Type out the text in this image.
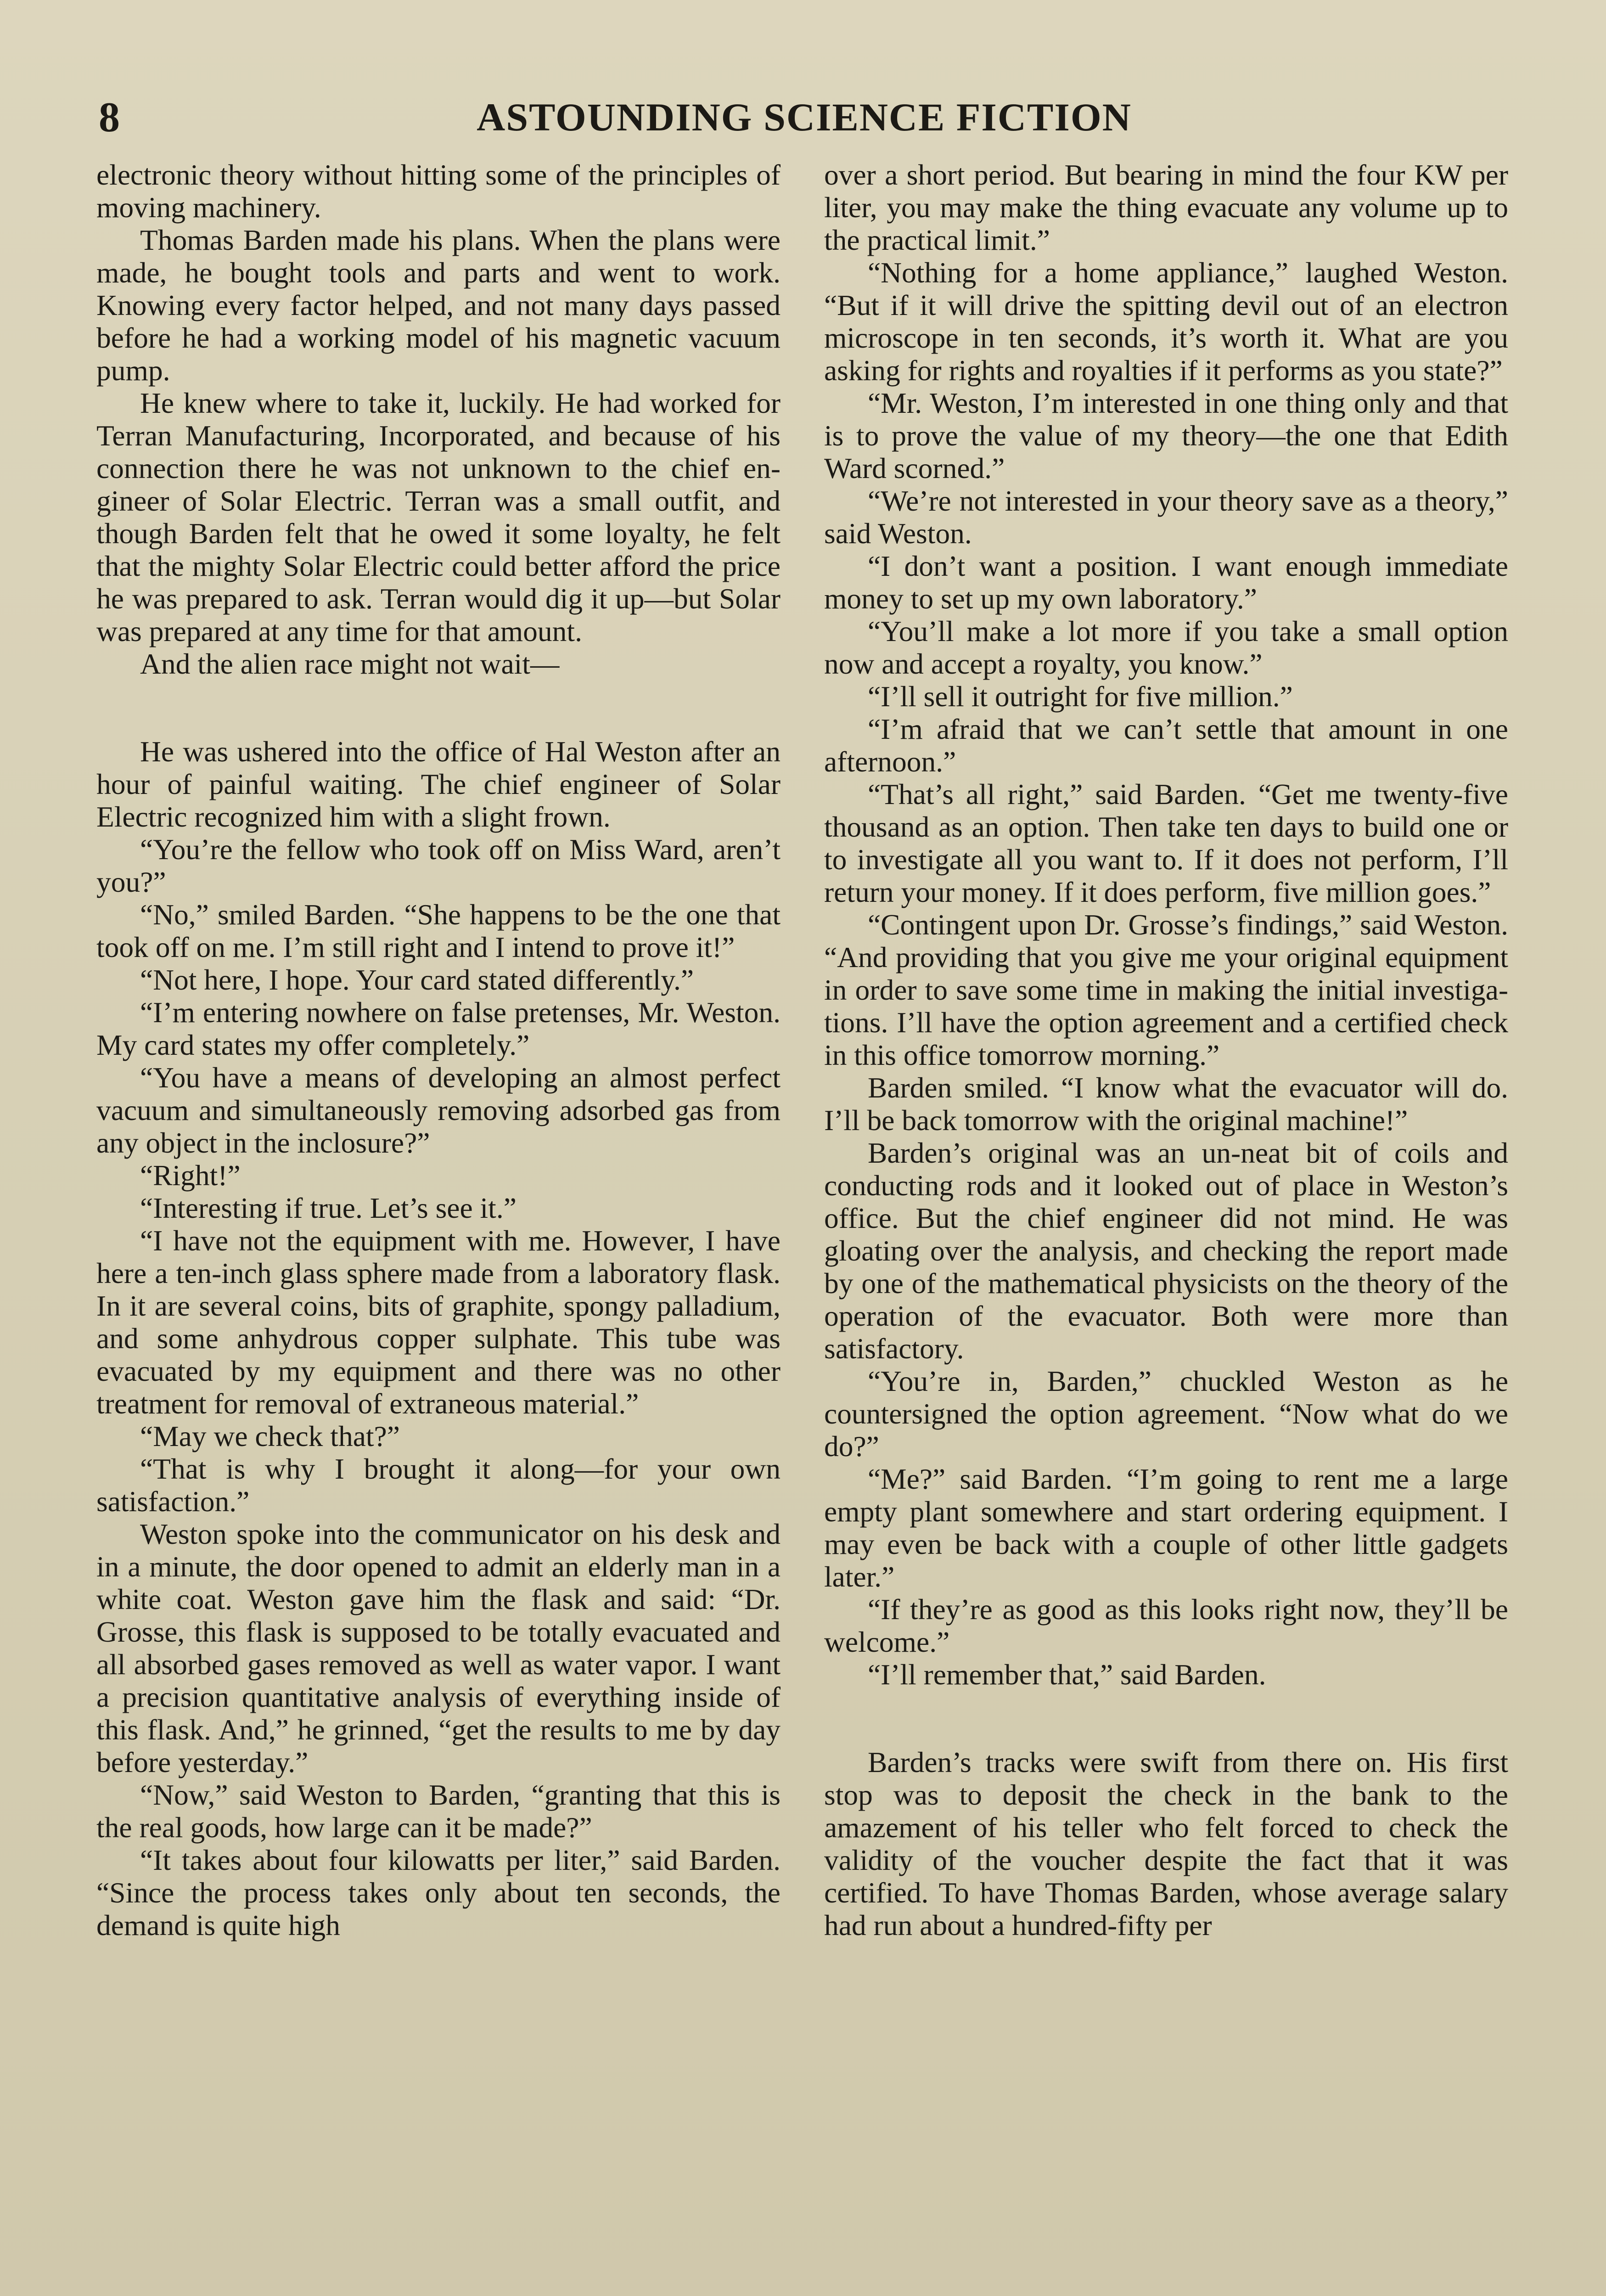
8	ASTOUNDING SCIENCE FICTION

electronic theory without hitting some of the principles of moving machinery.

Thomas Barden made his plans. When the plans were made, he bought tools and parts and went to work. Knowing every factor helped, and not many days passed before he had a working model of his magnetic vacuum pump.

He knew where to take it, luckily. He had worked for Terran Manufacturing, Incorporated, and because of his connection there he was not unknown to the chief engineer of Solar Electric. Terran was a small outfit, and though Barden felt that he owed it some loyalty, he felt that the mighty Solar Electric could better afford the price he was prepared to ask. Terran would dig it up—but Solar was prepared at any time for that amount.

And the alien race might not wait—

He was ushered into the office of Hal Weston after an hour of painful waiting. The chief engineer of Solar Electric recognized him with a slight frown.

“You’re the fellow who took off on Miss Ward, aren’t you?”

“No,” smiled Barden. “She happens to be the one that took off on me. I’m still right and I intend to prove it!”

“Not here, I hope. Your card stated differently.”

“I’m entering nowhere on false pretenses, Mr. Weston. My card states my offer completely.”

“You have a means of developing an almost perfect vacuum and simultaneously removing adsorbed gas from any object in the inclosure?”

“Right!”

“Interesting if true. Let’s see it.”

“I have not the equipment with me. However, I have here a ten-inch glass sphere made from a laboratory flask. In it are several coins, bits of graphite, spongy palladium, and some anhydrous copper sulphate. This tube was evacuated by my equipment and there was no other treatment for removal of extraneous material.”

“May we check that?”

“That is why I brought it along—for your own satisfaction.”

Weston spoke into the communicator on his desk and in a minute, the door opened to admit an elderly man in a white coat. Weston gave him the flask and said: “Dr. Grosse, this flask is supposed to be totally evacuated and all absorbed gases removed as well as water vapor. I want a precision quantitative analysis of everything inside of this flask. And,” he grinned, “get the results to me by day before yesterday.”

“Now,” said Weston to Barden, “granting that this is the real goods, how large can it be made?”

“It takes about four kilowatts per liter,” said Barden. “Since the process takes only about ten seconds, the demand is quite high

over a short period. But bearing in mind the four KW per liter, you may make the thing evacuate any volume up to the practical limit.”

“Nothing for a home appliance,” laughed Weston. “But if it will drive the spitting devil out of an electron microscope in ten seconds, it’s worth it. What are you asking for rights and royalties if it performs as you state?”

“Mr. Weston, I’m interested in one thing only and that is to prove the value of my theory—the one that Edith Ward scorned.”

“We’re not interested in your theory save as a theory,” said Weston.

“I don’t want a position. I want enough immediate money to set up my own laboratory.”

“You’ll make a lot more if you take a small option now and accept a royalty, you know.”

“I’ll sell it outright for five million.”

“I’m afraid that we can’t settle that amount in one afternoon.”

“That’s all right,” said Barden. “Get me twenty-five thousand as an option. Then take ten days to build one or to investigate all you want to. If it does not perform, I’ll return your money. If it does perform, five million goes.”

“Contingent upon Dr. Grosse’s findings,” said Weston. “And providing that you give me your original equipment in order to save some time in making the initial investigations. I’ll have the option agreement and a certified check in this office tomorrow morning.”

Barden smiled. “I know what the evacuator will do. I’ll be back tomorrow with the original machine!”

Barden’s original was an un-neat bit of coils and conducting rods and it looked out of place in Weston’s office. But the chief engineer did not mind. He was gloating over the analysis, and checking the report made by one of the mathematical physicists on the theory of the operation of the evacuator. Both were more than satisfactory.

“You’re in, Barden,” chuckled Weston as he countersigned the option agreement. “Now what do we do?”

“Me?” said Barden. “I’m going to rent me a large empty plant somewhere and start ordering equipment. I may even be back with a couple of other little gadgets later.”

“If they’re as good as this looks right now, they’ll be welcome.”

“I’ll remember that,” said Barden.

Barden’s tracks were swift from there on. His first stop was to deposit the check in the bank to the amazement of his teller who felt forced to check the validity of the voucher despite the fact that it was certified. To have Thomas Barden, whose average salary had run about a hundred-fifty per
